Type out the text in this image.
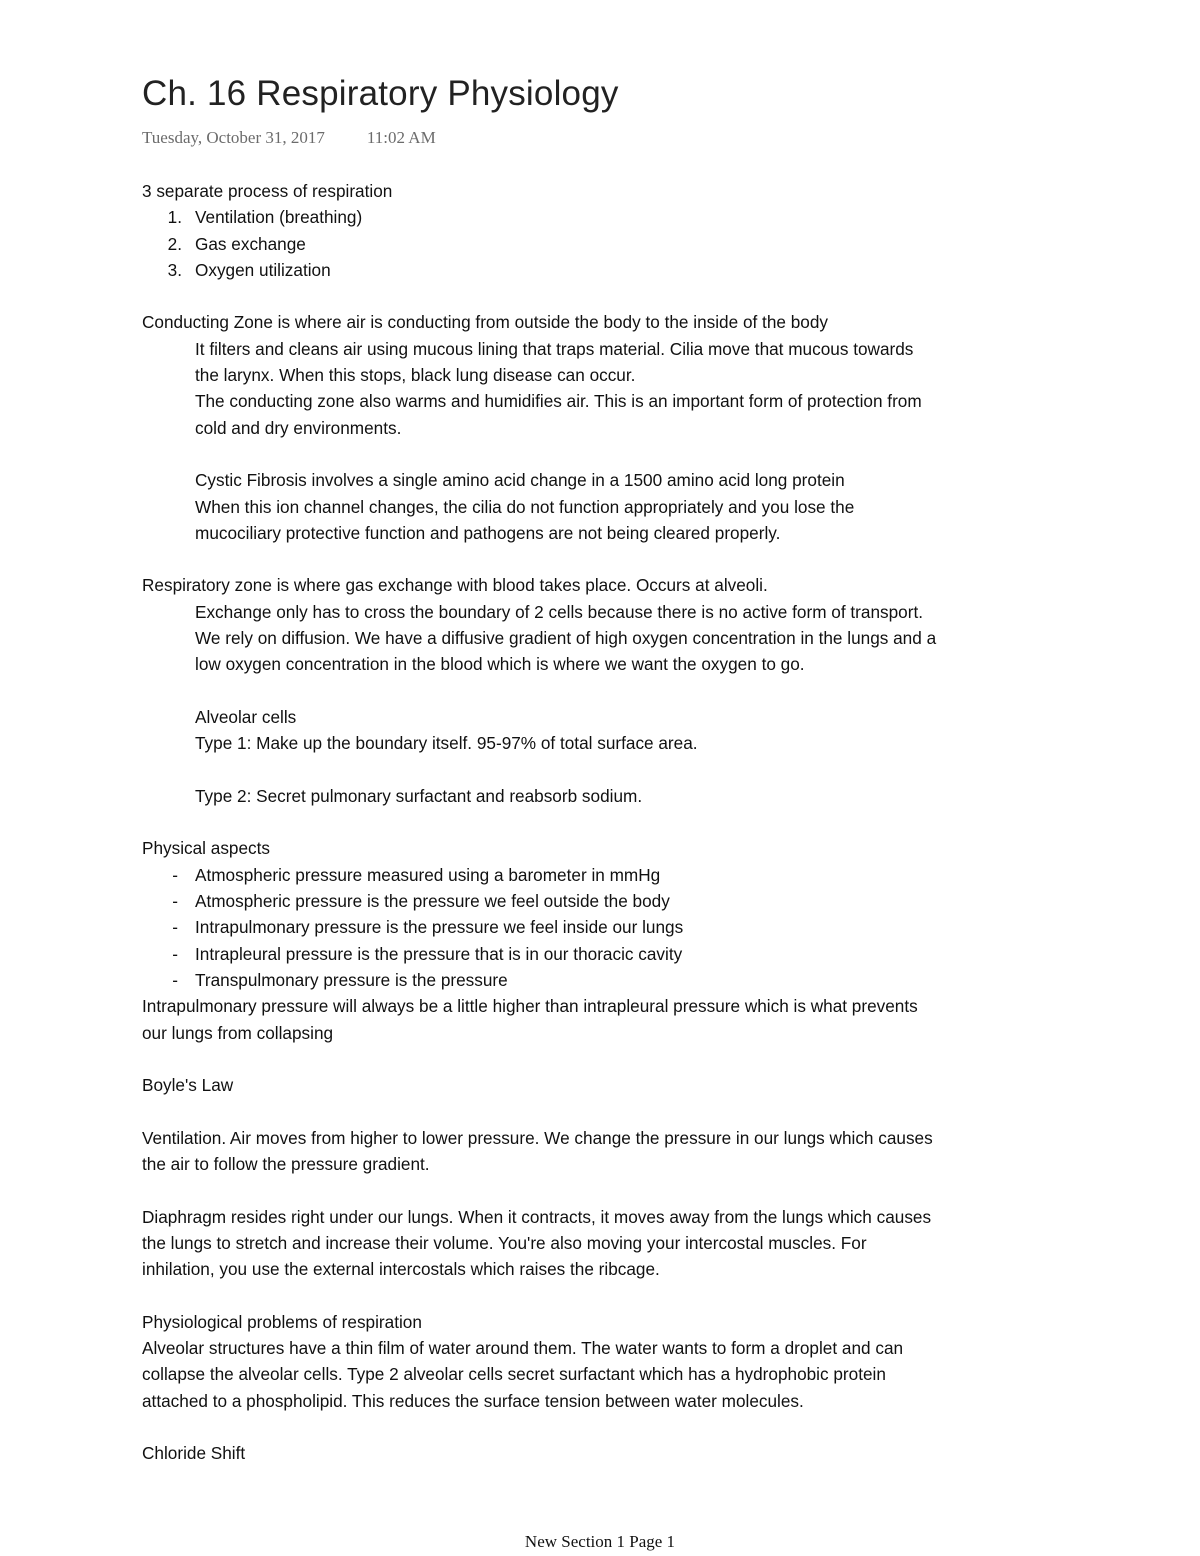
Ch. 16 Respiratory Physiology
Tuesday, October 31, 2017 11:02 AM
3 separate process of respiration
1. Ventilation (breathing)
2. Gas exchange
3. Oxygen utilization
Conducting Zone is where air is conducting from outside the body to the inside of the body
It filters and cleans air using mucous lining that traps material. Cilia move that mucous towards
the larynx. When this stops, black lung disease can occur.
The conducting zone also warms and humidifies air. This is an important form of protection from
cold and dry environments.
Cystic Fibrosis involves a single amino acid change in a 1500 amino acid long protein
When this ion channel changes, the cilia do not function appropriately and you lose the
mucociliary protective function and pathogens are not being cleared properly.
Respiratory zone is where gas exchange with blood takes place. Occurs at alveoli.
Exchange only has to cross the boundary of 2 cells because there is no active form of transport.
We rely on diffusion. We have a diffusive gradient of high oxygen concentration in the lungs and a
low oxygen concentration in the blood which is where we want the oxygen to go.
Alveolar cells
Type 1: Make up the boundary itself. 95-97% of total surface area.
Type 2: Secret pulmonary surfactant and reabsorb sodium.
Physical aspects
- Atmospheric pressure measured using a barometer in mmHg
- Atmospheric pressure is the pressure we feel outside the body
- Intrapulmonary pressure is the pressure we feel inside our lungs
- Intrapleural pressure is the pressure that is in our thoracic cavity
- Transpulmonary pressure is the pressure
Intrapulmonary pressure will always be a little higher than intrapleural pressure which is what prevents
our lungs from collapsing
Boyle's Law
Ventilation. Air moves from higher to lower pressure. We change the pressure in our lungs which causes
the air to follow the pressure gradient.
Diaphragm resides right under our lungs. When it contracts, it moves away from the lungs which causes
the lungs to stretch and increase their volume. You're also moving your intercostal muscles. For
inhilation, you use the external intercostals which raises the ribcage.
Physiological problems of respiration
Alveolar structures have a thin film of water around them. The water wants to form a droplet and can
collapse the alveolar cells. Type 2 alveolar cells secret surfactant which has a hydrophobic protein
attached to a phospholipid. This reduces the surface tension between water molecules.
Chloride Shift
New Section 1 Page 1
